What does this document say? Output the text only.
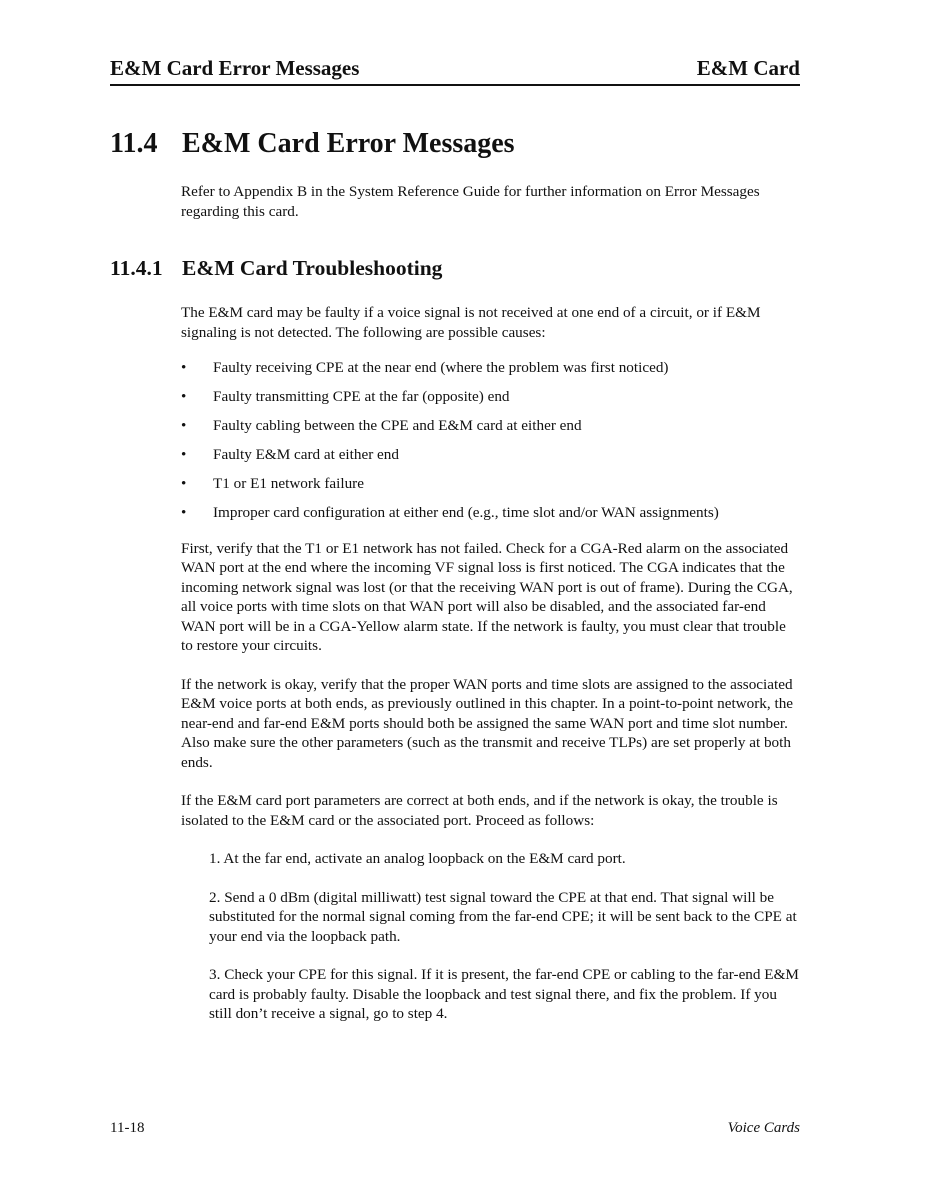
E&M Card Error Messages	E&M Card
11.4 E&M Card Error Messages

Refer to Appendix B in the System Reference Guide for further information on Error Messages regarding this card.

11.4.1 E&M Card Troubleshooting

The E&M card may be faulty if a voice signal is not received at one end of a circuit, or if E&M signaling is not detected. The following are possible causes:

• Faulty receiving CPE at the near end (where the problem was first noticed)
• Faulty transmitting CPE at the far (opposite) end
• Faulty cabling between the CPE and E&M card at either end
• Faulty E&M card at either end
• T1 or E1 network failure
• Improper card configuration at either end (e.g., time slot and/or WAN assignments)

First, verify that the T1 or E1 network has not failed. Check for a CGA-Red alarm on the associated WAN port at the end where the incoming VF signal loss is first noticed. The CGA indicates that the incoming network signal was lost (or that the receiving WAN port is out of frame). During the CGA, all voice ports with time slots on that WAN port will also be disabled, and the associated far-end WAN port will be in a CGA-Yellow alarm state. If the network is faulty, you must clear that trouble to restore your circuits.

If the network is okay, verify that the proper WAN ports and time slots are assigned to the associated E&M voice ports at both ends, as previously outlined in this chapter. In a point-to-point network, the near-end and far-end E&M ports should both be assigned the same WAN port and time slot number. Also make sure the other parameters (such as the transmit and receive TLPs) are set properly at both ends.

If the E&M card port parameters are correct at both ends, and if the network is okay, the trouble is isolated to the E&M card or the associated port. Proceed as follows:

1. At the far end, activate an analog loopback on the E&M card port.

2. Send a 0 dBm (digital milliwatt) test signal toward the CPE at that end. That signal will be substituted for the normal signal coming from the far-end CPE; it will be sent back to the CPE at your end via the loopback path.

3. Check your CPE for this signal. If it is present, the far-end CPE or cabling to the far-end E&M card is probably faulty. Disable the loopback and test signal there, and fix the problem. If you still don’t receive a signal, go to step 4.

11-18	Voice Cards
